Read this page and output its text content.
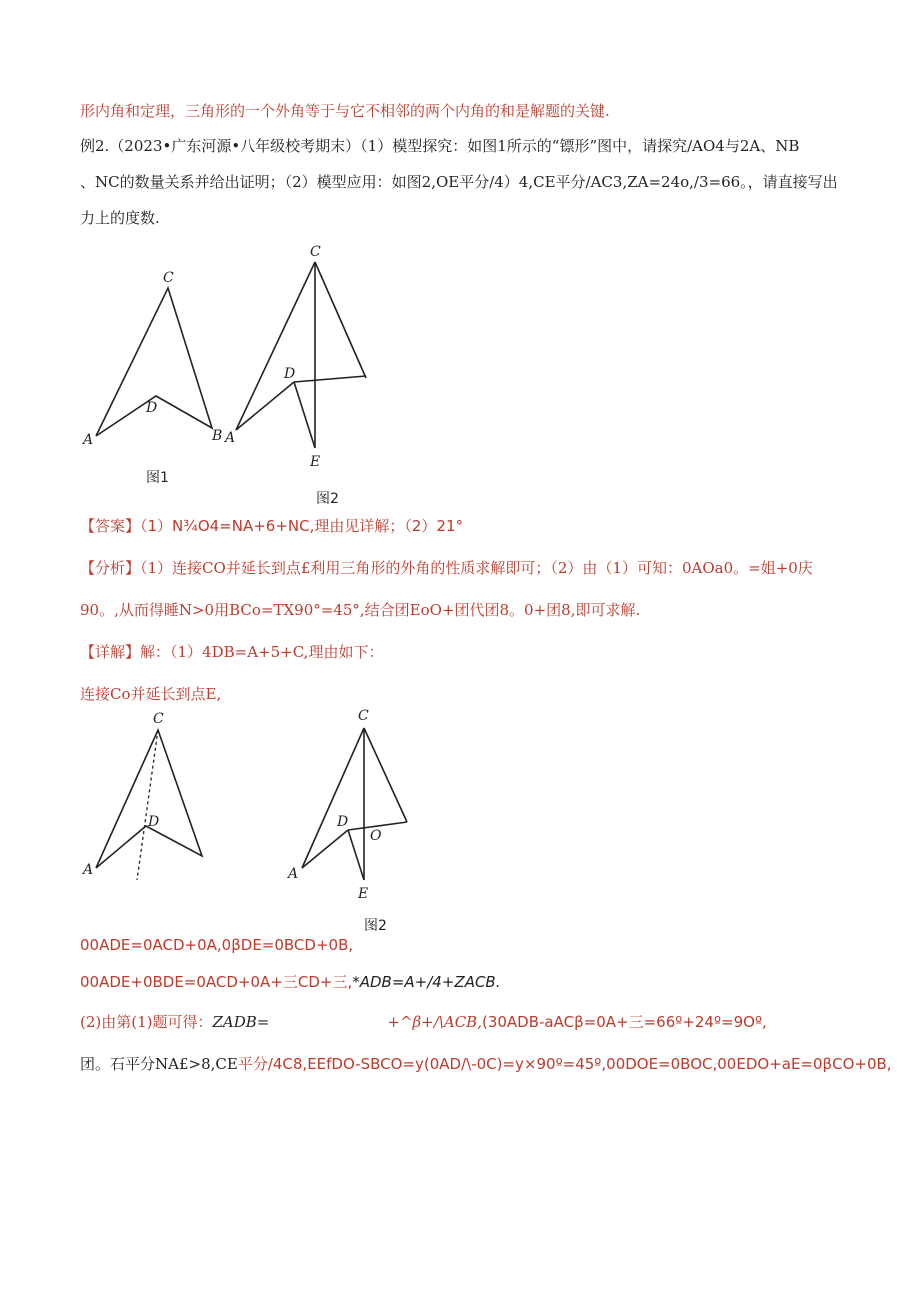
形内角和定理，三角形的一个外角等于与它不相邻的两个内角的和是解题的关键.
例2.（2023•广东河源•八年级校考期末）（1）模型探究：如图1所示的“镖形”图中，请探究/AO4与2A、NB
、NC的数量关系并给出证明；（2）模型应用：如图2,OE平分/4）4,CE平分/AC3,ZA=24o,/3=66。，请直接写出
力上的度数.
【答案】（1）N¾O4=NA+6+NC,理由见详解；（2）21°
【分析】（1）连接CO并延长到点£利用三角形的外角的性质求解即可；（2）由（1）可知：0AOa0。=姐+0庆
90。,从而得睡N>0用BCo=TX90°=45°,结合团EoO+团代团8。0+团8,即可求解.
【详解】解：（1）4DB=A+5+C,理由如下：
连接Co并延长到点E,
00ADE=0ACD+0A,0βDE=0BCD+0B,
00ADE+0BDE=0ACD+0A+三CD+三,*ADB=A+/4+ZACB.
(2)由第(1)题可得：ZADB=	+^β+/\ACB,(30ADB-aACβ=0A+三=66º+24º=9Oº,
团。石平分NA£>8,CE平分/4C8,EEfDO-SBCO=y(0AD/\-0C)=y×90º=45º,00DOE=0BOC,00EDO+aE=0βCO+0B,
C
D
A	B
图1
C
D
A
E
图2
C
D
A
C
D
O
A
E
图2
